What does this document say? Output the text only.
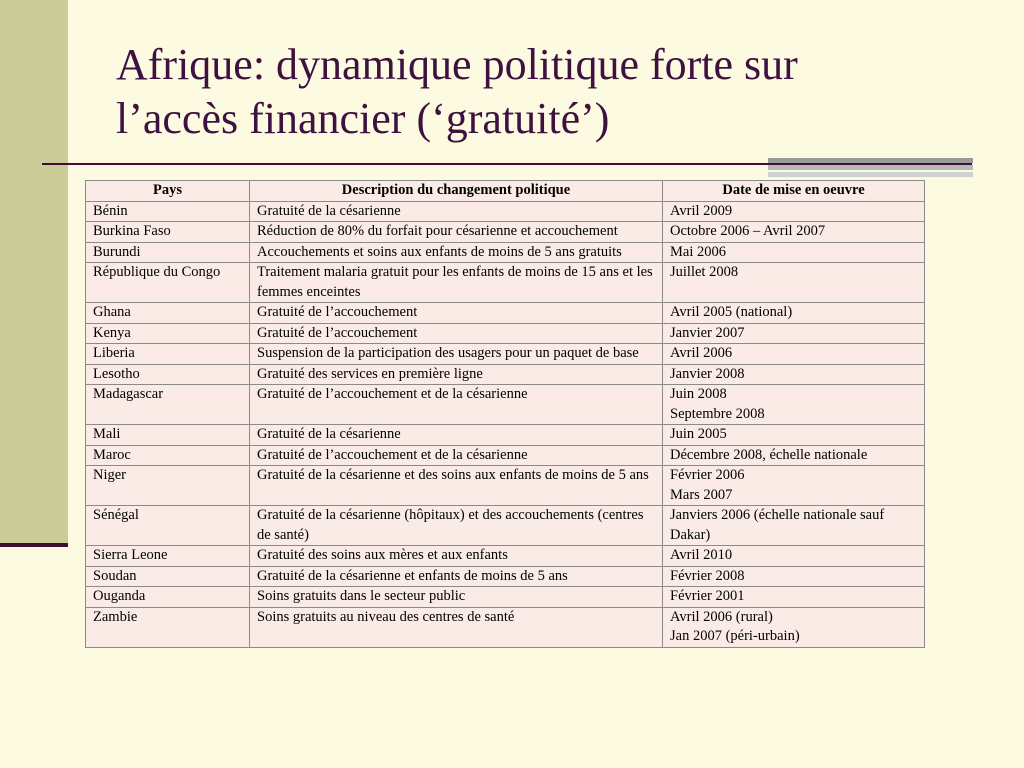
Afrique: dynamique politique forte sur
l’accès financier (‘gratuité’)
Pays	Description du changement politique	Date de mise en oeuvre
Bénin	Gratuité de la césarienne	Avril 2009

Burkina Faso	Réduction de 80% du forfait pour césarienne et accouchement	Octobre 2006 – Avril 2007

Burundi	Accouchements et soins aux enfants de moins de 5 ans gratuits	Mai 2006

République du Congo	Traitement malaria gratuit pour les enfants de moins de 15 ans et les femmes enceintes	Juillet 2008

Ghana	Gratuité de l’accouchement	Avril 2005 (national)

Kenya	Gratuité de l’accouchement	Janvier 2007

Liberia	Suspension de la participation des usagers pour un paquet de base	Avril 2006

Lesotho	Gratuité des services en première ligne	Janvier 2008

Madagascar	Gratuité de l’accouchement et de la césarienne	Juin 2008
Septembre 2008

Mali	Gratuité de la césarienne	Juin 2005

Maroc	Gratuité de l’accouchement et de la césarienne	Décembre 2008, échelle nationale

Niger	Gratuité de la césarienne et des soins aux enfants de moins de 5 ans	Février 2006
Mars 2007

Sénégal	Gratuité de la césarienne (hôpitaux) et des accouchements (centres de santé)	Janviers 2006 (échelle nationale sauf Dakar)

Sierra Leone	Gratuité des soins aux mères et aux enfants	Avril 2010

Soudan	Gratuité de la césarienne et enfants de moins de 5 ans	Février 2008

Ouganda	Soins gratuits dans le secteur public	Février 2001

Zambie	Soins gratuits au niveau des centres de santé	Avril 2006 (rural)
Jan 2007 (péri-urbain)
